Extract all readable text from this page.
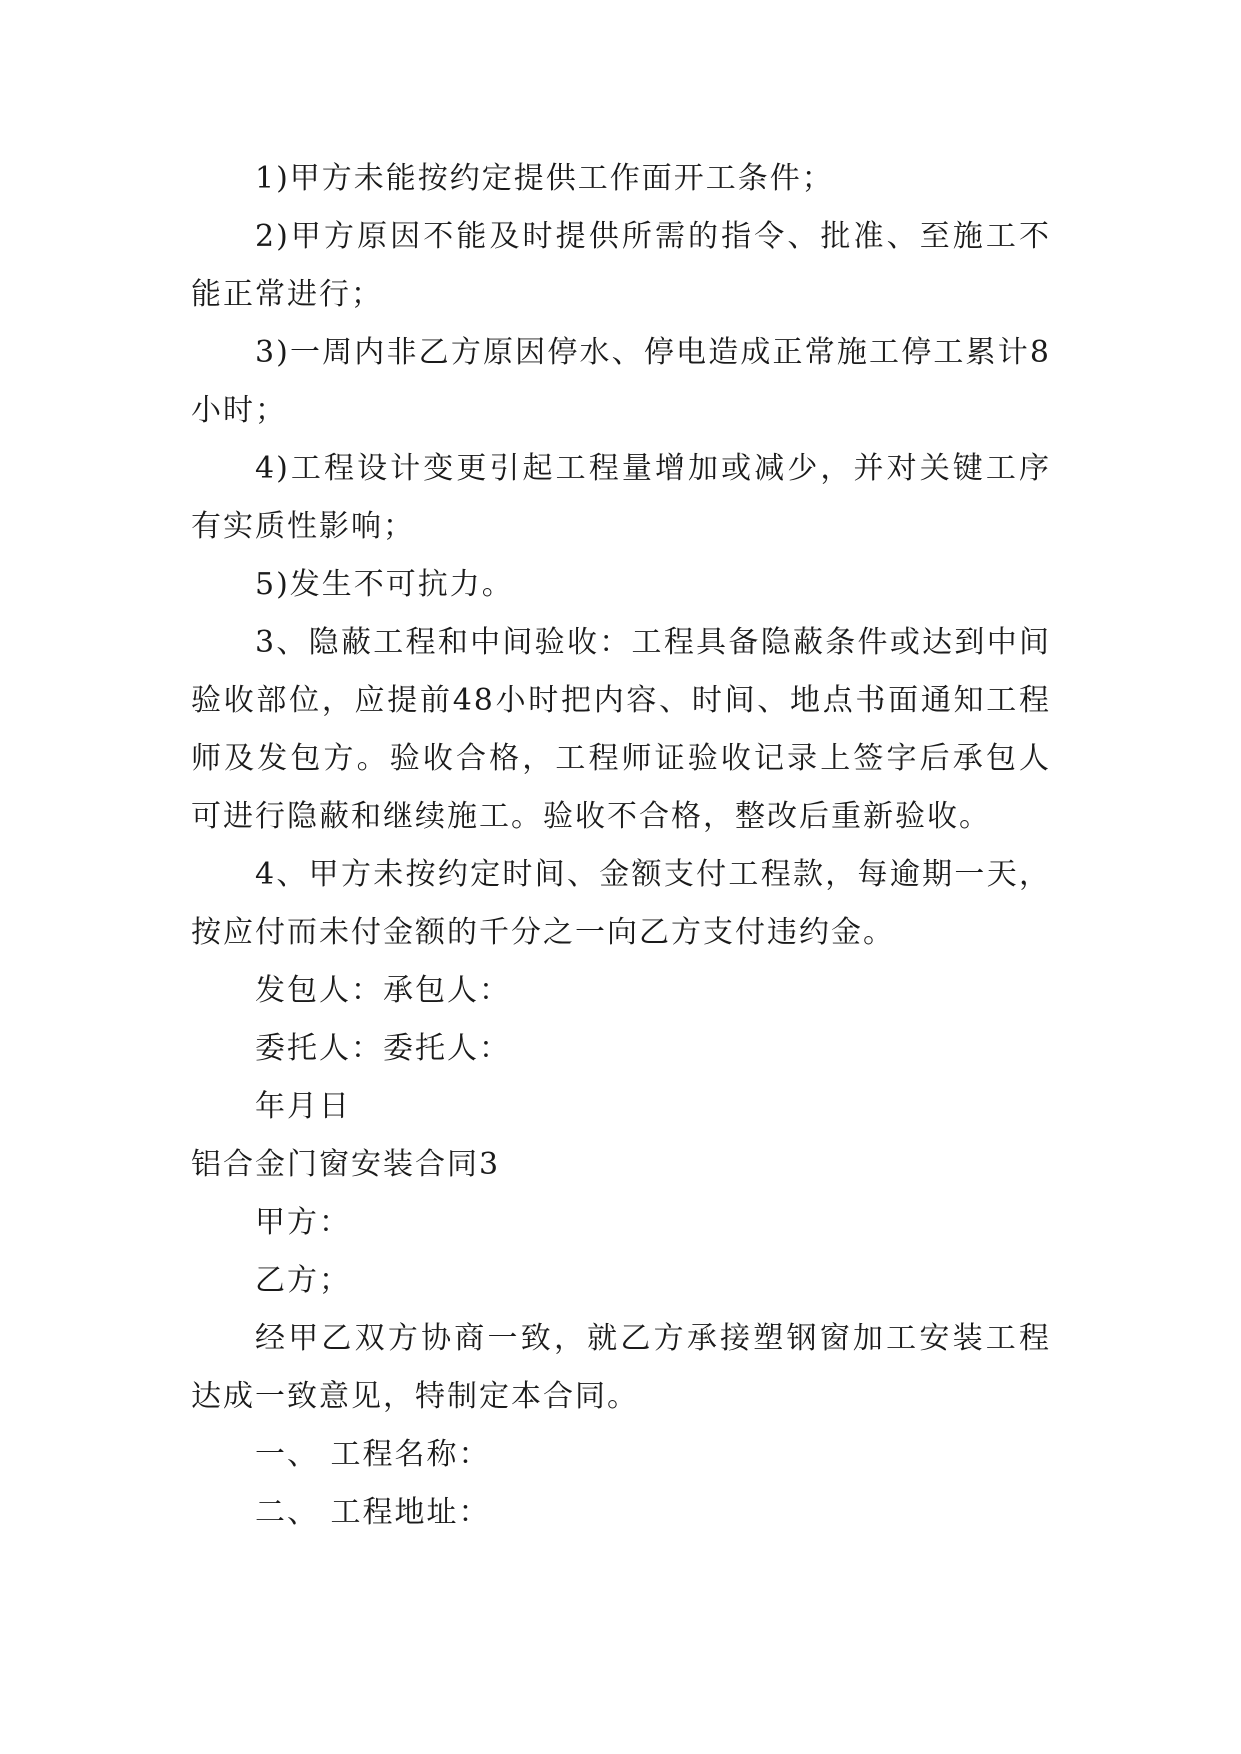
1)甲方未能按约定提供工作面开工条件；

2)甲方原因不能及时提供所需的指令、批准、至施工不能正常进行；

3)一周内非乙方原因停水、停电造成正常施工停工累计8小时；

4)工程设计变更引起工程量增加或减少，并对关键工序有实质性影响；

5)发生不可抗力。

3、隐蔽工程和中间验收：工程具备隐蔽条件或达到中间验收部位，应提前48小时把内容、时间、地点书面通知工程师及发包方。验收合格，工程师证验收记录上签字后承包人可进行隐蔽和继续施工。验收不合格，整改后重新验收。

4、甲方未按约定时间、金额支付工程款，每逾期一天，按应付而未付金额的千分之一向乙方支付违约金。

发包人：承包人：

委托人：委托人：

年月日

铝合金门窗安装合同3

甲方：

乙方；

经甲乙双方协商一致，就乙方承接塑钢窗加工安装工程达成一致意见，特制定本合同。

一、 工程名称：

二、 工程地址：
